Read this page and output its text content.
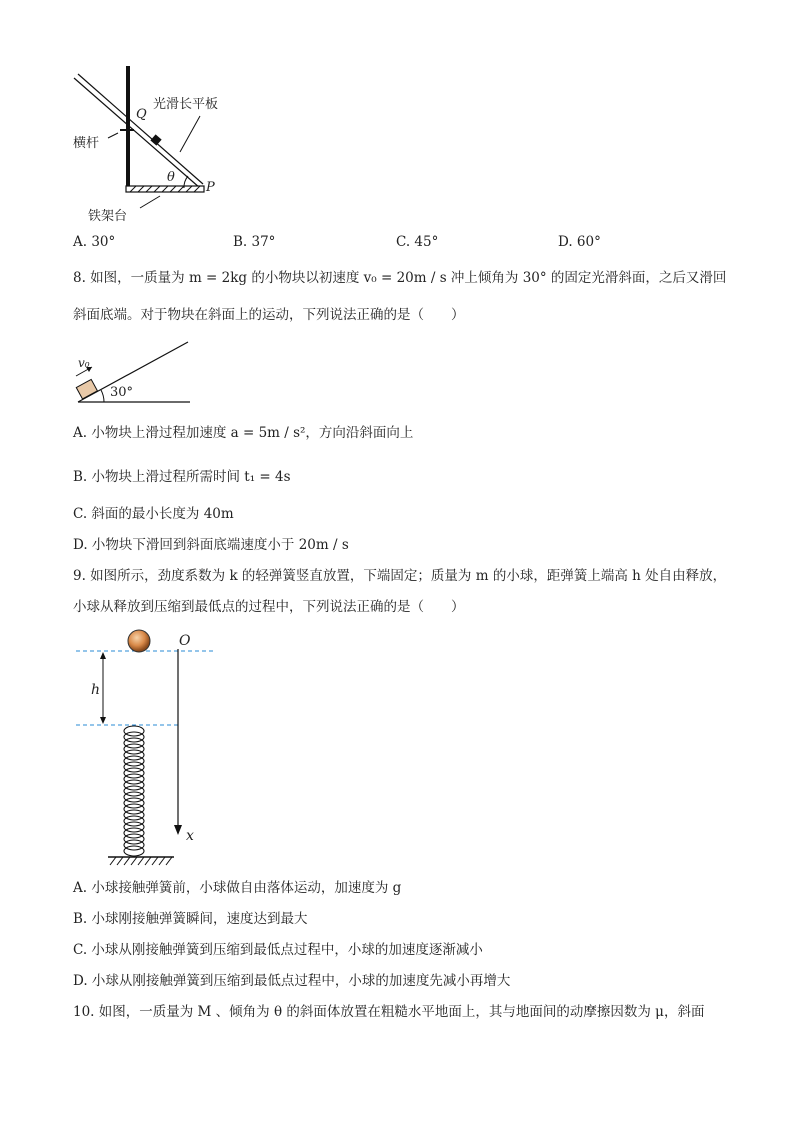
光滑长平板
Q
横杆
θ
P
铁架台
A. 30°	B. 37°	C. 45°	D. 60°
8. 如图，一质量为 m = 2kg 的小物块以初速度 v₀ = 20m / s 冲上倾角为 30° 的固定光滑斜面，之后又滑回
斜面底端。对于物块在斜面上的运动，下列说法正确的是（　　）
v₀
30°
A. 小物块上滑过程加速度 a = 5m / s²，方向沿斜面向上
B. 小物块上滑过程所需时间 t₁ = 4s
C. 斜面的最小长度为 40m
D. 小物块下滑回到斜面底端速度小于 20m / s
9. 如图所示，劲度系数为 k 的轻弹簧竖直放置，下端固定；质量为 m 的小球，距弹簧上端高 h 处自由释放，
小球从释放到压缩到最低点的过程中，下列说法正确的是（　　）
O
h
x
A. 小球接触弹簧前，小球做自由落体运动，加速度为 g
B. 小球刚接触弹簧瞬间，速度达到最大
C. 小球从刚接触弹簧到压缩到最低点过程中，小球的加速度逐渐减小
D. 小球从刚接触弹簧到压缩到最低点过程中，小球的加速度先减小再增大
10. 如图，一质量为 M 、倾角为 θ 的斜面体放置在粗糙水平地面上，其与地面间的动摩擦因数为 μ，斜面
